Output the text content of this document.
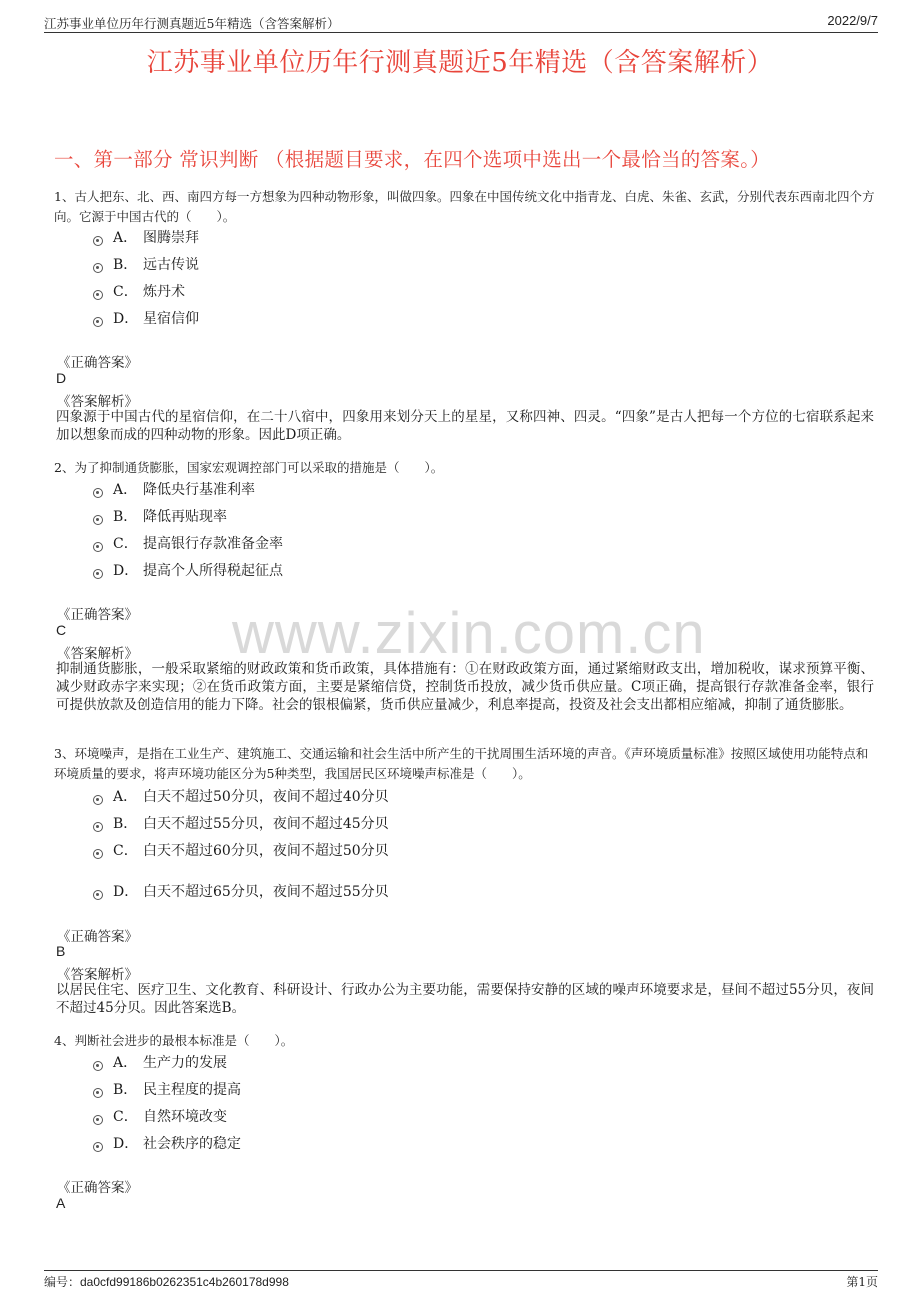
江苏事业单位历年行测真题近5年精选（含答案解析）	2022/9/7
江苏事业单位历年行测真题近5年精选（含答案解析）
一、第一部分 常识判断 （根据题目要求，在四个选项中选出一个最恰当的答案。）
www.zixin.com.cn
1、古人把东、北、西、南四方每一方想象为四种动物形象，叫做四象。四象在中国传统文化中指青龙、白虎、朱雀、玄武，分别代表东西南北四个方向。它源于中国古代的（　　）。
A． 图腾崇拜
B． 远古传说
C． 炼丹术
D． 星宿信仰
《正确答案》
D
《答案解析》
四象源于中国古代的星宿信仰，在二十八宿中，四象用来划分天上的星星，又称四神、四灵。“四象”是古人把每一个方位的七宿联系起来加以想象而成的四种动物的形象。因此D项正确。
2、为了抑制通货膨胀，国家宏观调控部门可以采取的措施是（　　）。
A． 降低央行基准利率
B． 降低再贴现率
C． 提高银行存款准备金率
D． 提高个人所得税起征点
《正确答案》
C
《答案解析》
抑制通货膨胀，一般采取紧缩的财政政策和货币政策，具体措施有：①在财政政策方面，通过紧缩财政支出，增加税收，谋求预算平衡、减少财政赤字来实现；②在货币政策方面，主要是紧缩信贷，控制货币投放，减少货币供应量。C项正确，提高银行存款准备金率，银行可提供放款及创造信用的能力下降。社会的银根偏紧，货币供应量减少，利息率提高，投资及社会支出都相应缩减，抑制了通货膨胀。
3、环境噪声，是指在工业生产、建筑施工、交通运输和社会生活中所产生的干扰周围生活环境的声音。《声环境质量标准》按照区域使用功能特点和环境质量的要求，将声环境功能区分为5种类型，我国居民区环境噪声标准是（　　）。
A． 白天不超过50分贝，夜间不超过40分贝
B． 白天不超过55分贝，夜间不超过45分贝
C． 白天不超过60分贝，夜间不超过50分贝
D． 白天不超过65分贝，夜间不超过55分贝
《正确答案》
B
《答案解析》
以居民住宅、医疗卫生、文化教育、科研设计、行政办公为主要功能，需要保持安静的区域的噪声环境要求是，昼间不超过55分贝，夜间不超过45分贝。因此答案选B。
4、判断社会进步的最根本标准是（　　）。
A． 生产力的发展
B． 民主程度的提高
C． 自然环境改变
D． 社会秩序的稳定
《正确答案》
A
编号：da0cfd99186b0262351c4b260178d998	第1页
